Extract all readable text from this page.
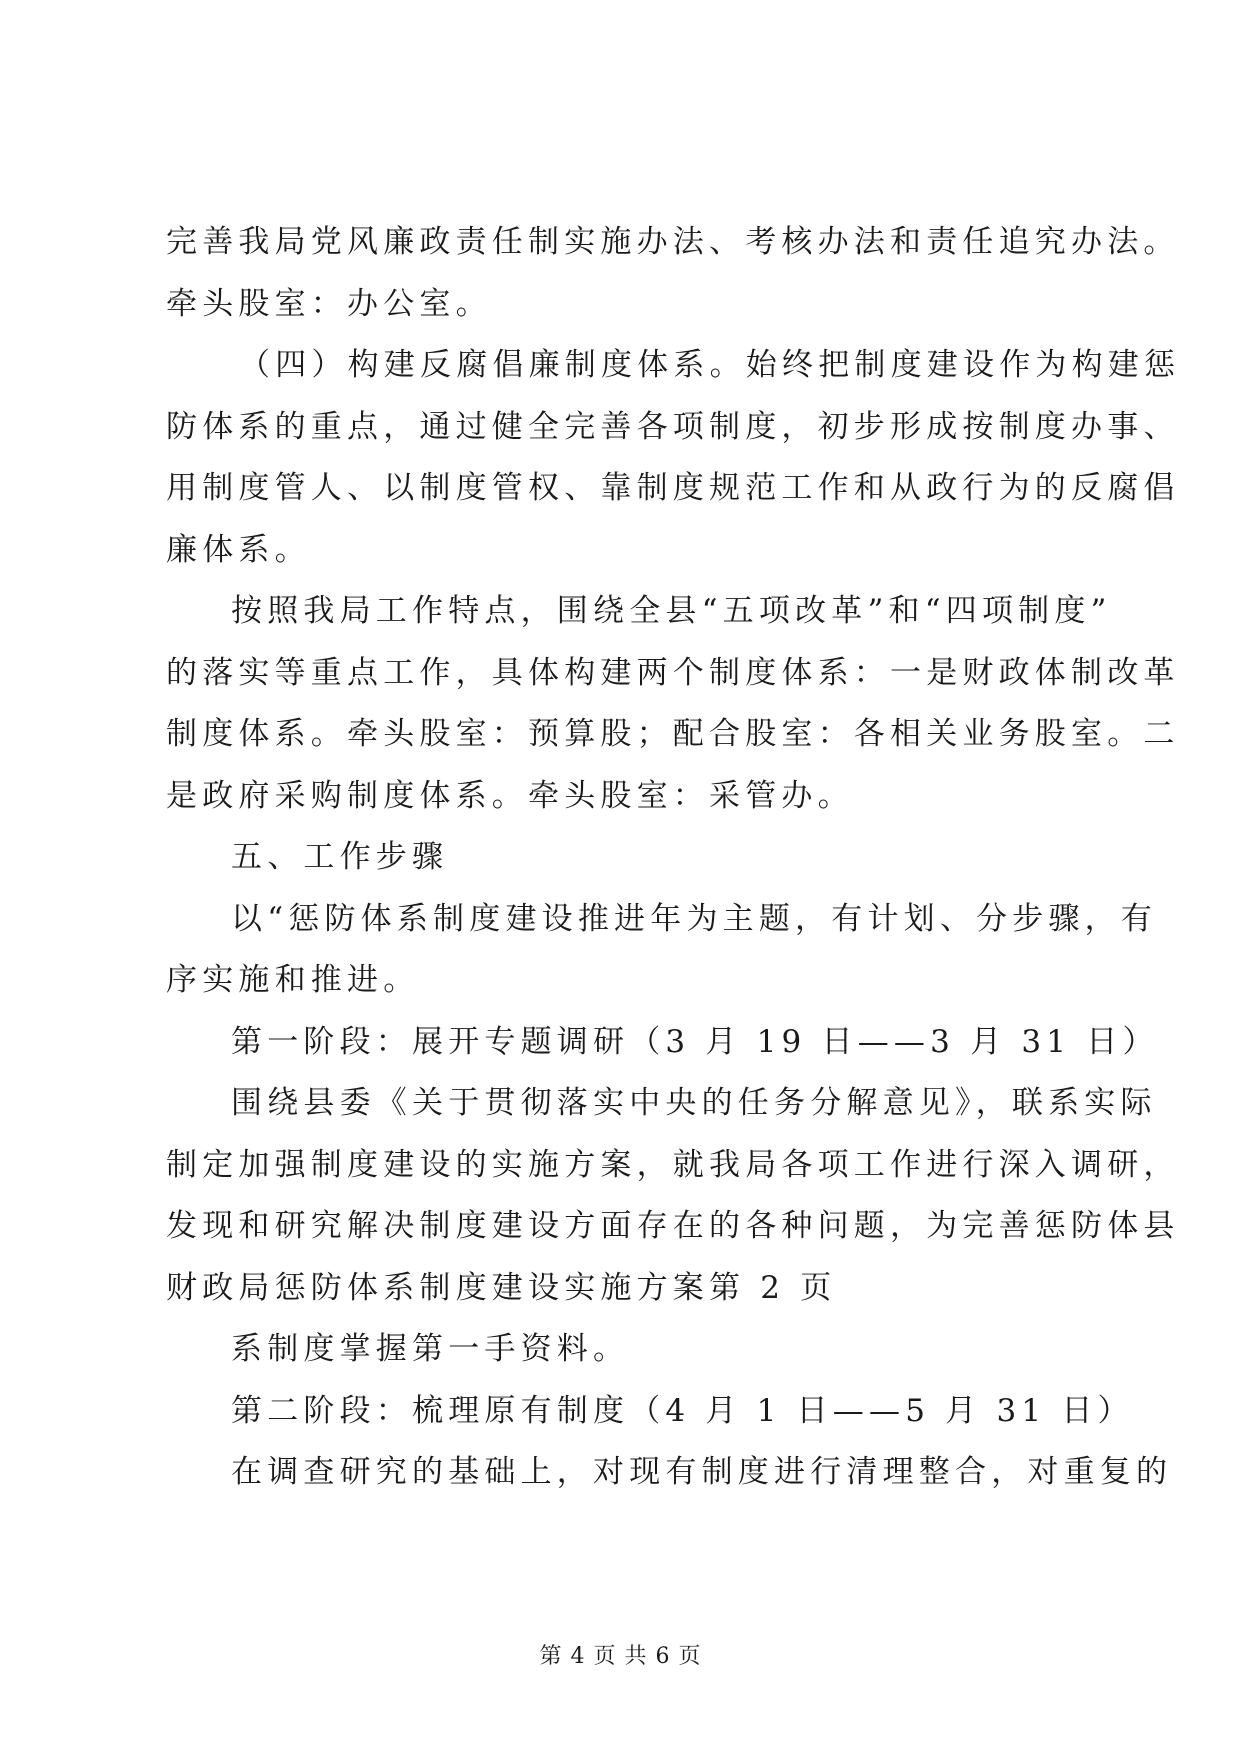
完善我局党风廉政责任制实施办法、考核办法和责任追究办法。
牵头股室：办公室。
（四）构建反腐倡廉制度体系。始终把制度建设作为构建惩
防体系的重点，通过健全完善各项制度，初步形成按制度办事、
用制度管人、以制度管权、靠制度规范工作和从政行为的反腐倡
廉体系。
按照我局工作特点，围绕全县“五项改革”和“四项制度”
的落实等重点工作，具体构建两个制度体系：一是财政体制改革
制度体系。牵头股室：预算股；配合股室：各相关业务股室。二
是政府采购制度体系。牵头股室：采管办。
五、工作步骤
以“惩防体系制度建设推进年为主题，有计划、分步骤，有
序实施和推进。
第一阶段：展开专题调研（3 月 19 日——3 月 31 日）
围绕县委《关于贯彻落实中央的任务分解意见》，联系实际
制定加强制度建设的实施方案，就我局各项工作进行深入调研，
发现和研究解决制度建设方面存在的各种问题，为完善惩防体县
财政局惩防体系制度建设实施方案第 2 页
系制度掌握第一手资料。
第二阶段：梳理原有制度（4 月 1 日——5 月 31 日）
在调查研究的基础上，对现有制度进行清理整合，对重复的
第 4 页 共 6 页
